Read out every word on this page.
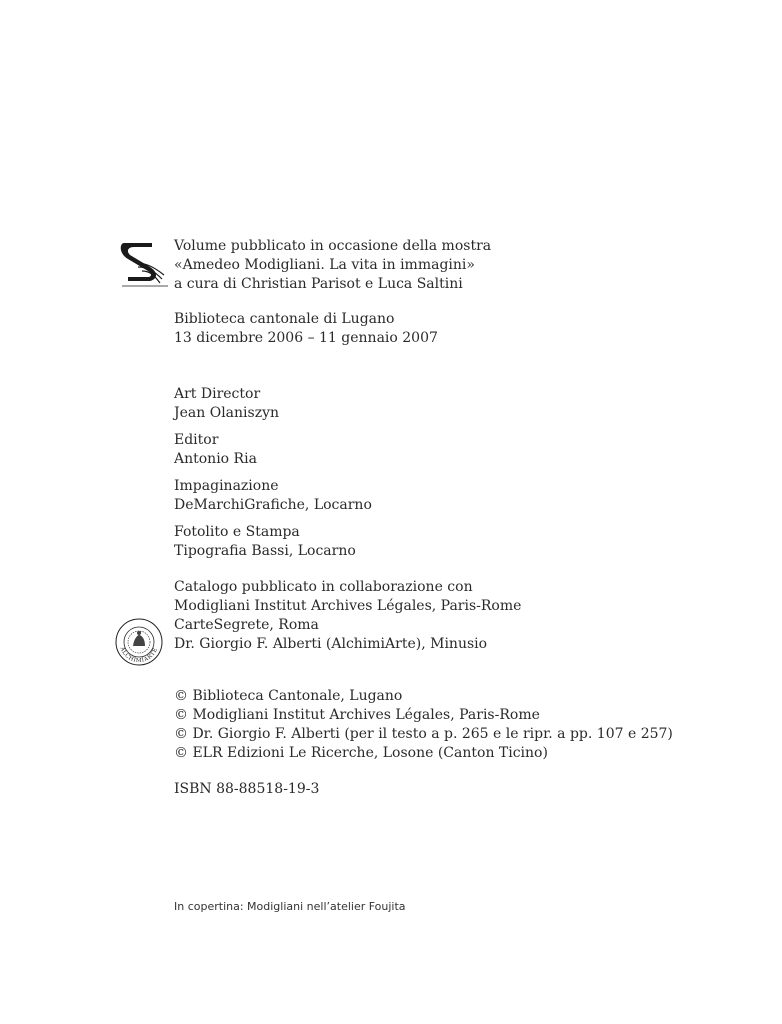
Volume pubblicato in occasione della mostra
«Amedeo Modigliani. La vita in immagini»
a cura di Christian Parisot e Luca Saltini
Biblioteca cantonale di Lugano
13 dicembre 2006 – 11 gennaio 2007
Art Director
Jean Olaniszyn
Editor
Antonio Ria
Impaginazione
DeMarchiGrafiche, Locarno
Fotolito e Stampa
Tipografia Bassi, Locarno
Catalogo pubblicato in collaborazione con
Modigliani Institut Archives Légales, Paris-Rome
CarteSegrete, Roma
Dr. Giorgio F. Alberti (AlchimiArte), Minusio
ALCHIMIARTE
© Biblioteca Cantonale, Lugano
© Modigliani Institut Archives Légales, Paris-Rome
© Dr. Giorgio F. Alberti (per il testo a p. 265 e le ripr. a pp. 107 e 257)
© ELR Edizioni Le Ricerche, Losone (Canton Ticino)
ISBN 88-88518-19-3
In copertina: Modigliani nell’atelier Foujita
